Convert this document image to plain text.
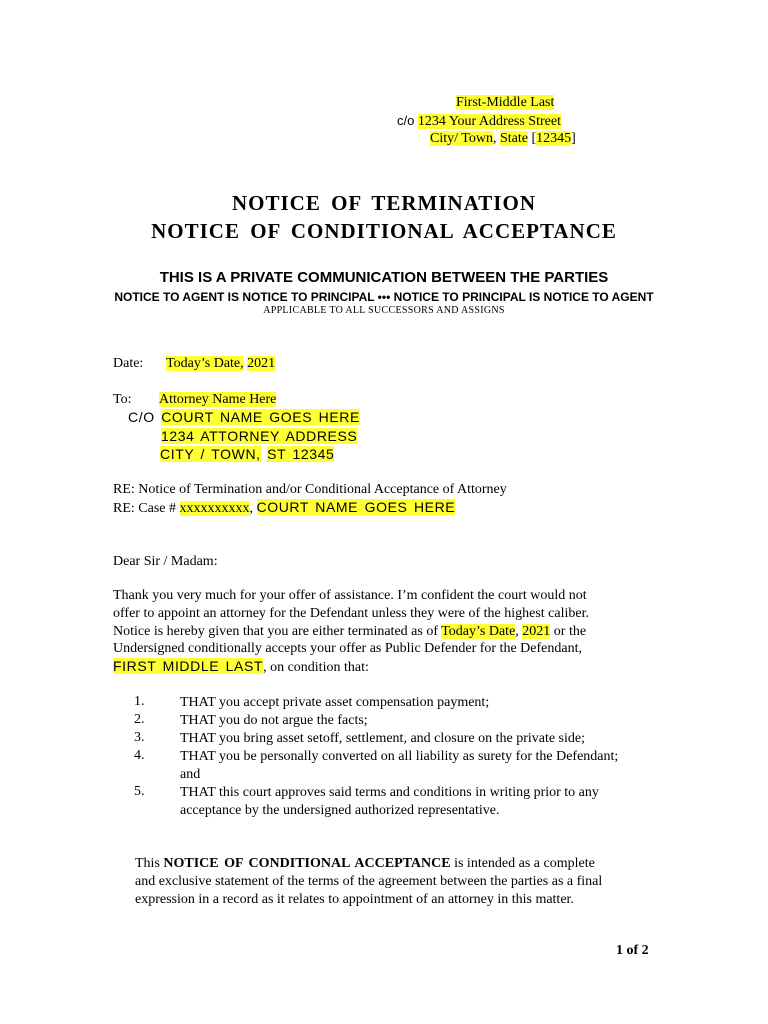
First-Middle Last
c/o 1234 Your Address Street
City/ Town, State [12345]
NOTICE OF TERMINATION
NOTICE OF CONDITIONAL ACCEPTANCE
THIS IS A PRIVATE COMMUNICATION BETWEEN THE PARTIES
NOTICE TO AGENT IS NOTICE TO PRINCIPAL ••• NOTICE TO PRINCIPAL IS NOTICE TO AGENT
APPLICABLE TO ALL SUCCESSORS AND ASSIGNS
Date: Today’s Date, 2021
To: Attorney Name Here
C/O COURT NAME GOES HERE
1234 ATTORNEY ADDRESS
CITY / TOWN, ST 12345
RE: Notice of Termination and/or Conditional Acceptance of Attorney
RE: Case # xxxxxxxxxx, COURT NAME GOES HERE
Dear Sir / Madam:
Thank you very much for your offer of assistance. I’m confident the court would not
offer to appoint an attorney for the Defendant unless they were of the highest caliber.
Notice is hereby given that you are either terminated as of Today’s Date, 2021 or the
Undersigned conditionally accepts your offer as Public Defender for the Defendant,
FIRST MIDDLE LAST, on condition that:
1.	THAT you accept private asset compensation payment;
2.	THAT you do not argue the facts;
3.	THAT you bring asset setoff, settlement, and closure on the private side;
4.	THAT you be personally converted on all liability as surety for the Defendant;
and
5.	THAT this court approves said terms and conditions in writing prior to any
acceptance by the undersigned authorized representative.
This NOTICE OF CONDITIONAL ACCEPTANCE is intended as a complete
and exclusive statement of the terms of the agreement between the parties as a final
expression in a record as it relates to appointment of an attorney in this matter.
1 of 2
